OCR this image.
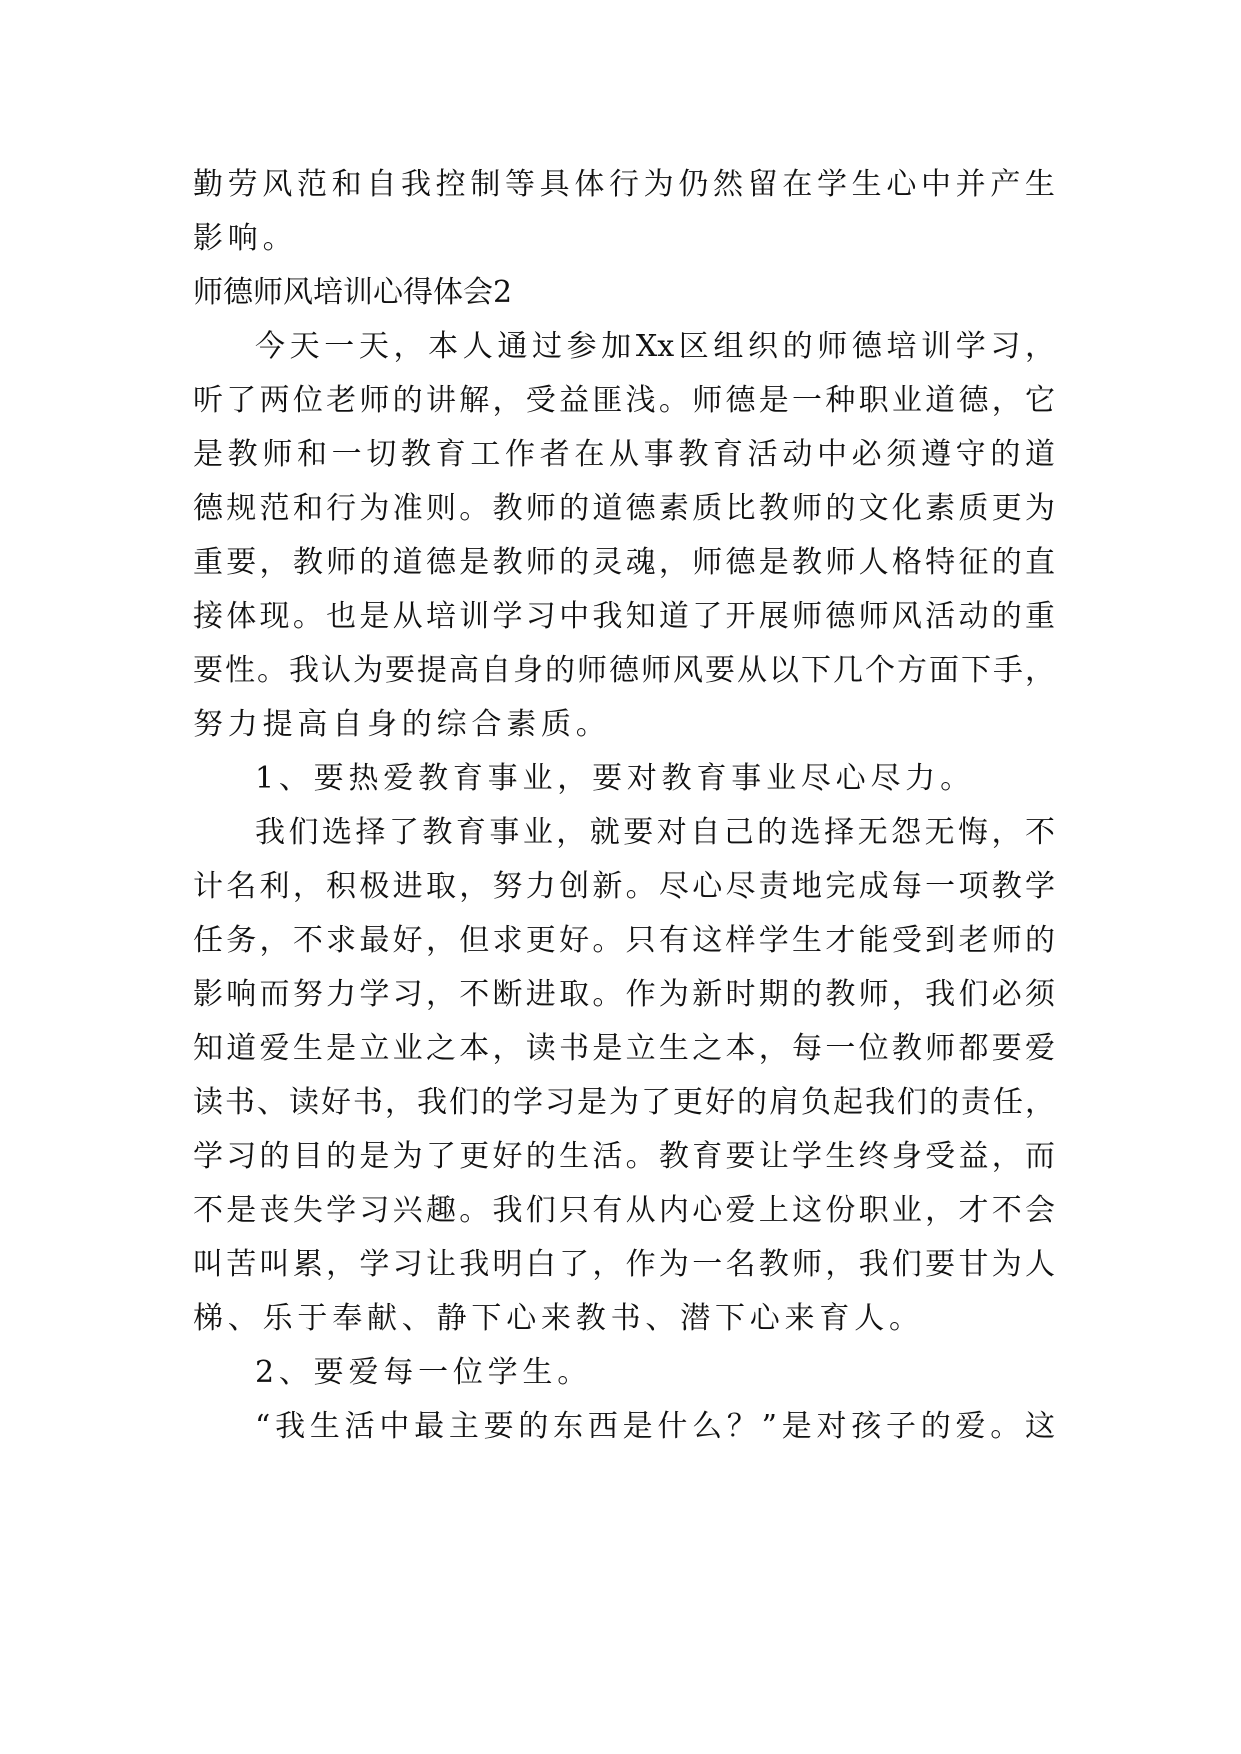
勤劳风范和自我控制等具体行为仍然留在学生心中并产生
影响。
师德师风培训心得体会2
今天一天，本人通过参加Xx区组织的师德培训学习，
听了两位老师的讲解，受益匪浅。师德是一种职业道德，它
是教师和一切教育工作者在从事教育活动中必须遵守的道
德规范和行为准则。教师的道德素质比教师的文化素质更为
重要，教师的道德是教师的灵魂，师德是教师人格特征的直
接体现。也是从培训学习中我知道了开展师德师风活动的重
要性。我认为要提高自身的师德师风要从以下几个方面下手，
努力提高自身的综合素质。
1、要热爱教育事业，要对教育事业尽心尽力。
我们选择了教育事业，就要对自己的选择无怨无悔，不
计名利，积极进取，努力创新。尽心尽责地完成每一项教学
任务，不求最好，但求更好。只有这样学生才能受到老师的
影响而努力学习，不断进取。作为新时期的教师，我们必须
知道爱生是立业之本，读书是立生之本，每一位教师都要爱
读书、读好书，我们的学习是为了更好的肩负起我们的责任，
学习的目的是为了更好的生活。教育要让学生终身受益，而
不是丧失学习兴趣。我们只有从内心爱上这份职业，才不会
叫苦叫累，学习让我明白了，作为一名教师，我们要甘为人
梯、乐于奉献、静下心来教书、潜下心来育人。
2、要爱每一位学生。
“我生活中最主要的东西是什么？”是对孩子的爱。这
